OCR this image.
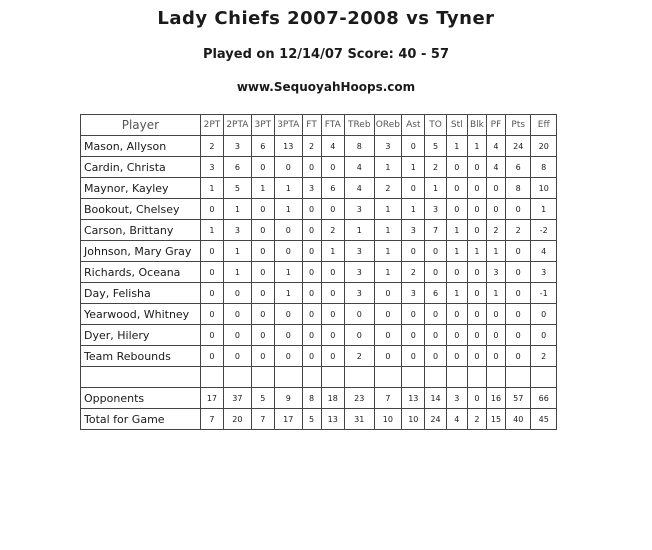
Lady Chiefs 2007-2008 vs Tyner
Played on 12/14/07 Score: 40 - 57
www.SequoyahHoops.com
Player	2PT	2PTA	3PT	3PTA	FT	FTA	TReb	OReb	Ast	TO	Stl	Blk	PF	Pts	Eff
Mason, Allyson	2	3	6	13	2	4	8	3	0	5	1	1	4	24	20
Cardin, Christa	3	6	0	0	0	0	4	1	1	2	0	0	4	6	8
Maynor, Kayley	1	5	1	1	3	6	4	2	0	1	0	0	0	8	10
Bookout, Chelsey	0	1	0	1	0	0	3	1	1	3	0	0	0	0	1
Carson, Brittany	1	3	0	0	0	2	1	1	3	7	1	0	2	2	-2
Johnson, Mary Gray	0	1	0	0	0	1	3	1	0	0	1	1	1	0	4
Richards, Oceana	0	1	0	1	0	0	3	1	2	0	0	0	3	0	3
Day, Felisha	0	0	0	1	0	0	3	0	3	6	1	0	1	0	-1
Yearwood, Whitney	0	0	0	0	0	0	0	0	0	0	0	0	0	0	0
Dyer, Hilery	0	0	0	0	0	0	0	0	0	0	0	0	0	0	0
Team Rebounds	0	0	0	0	0	0	2	0	0	0	0	0	0	0	2

Opponents	17	37	5	9	8	18	23	7	13	14	3	0	16	57	66
Total for Game	7	20	7	17	5	13	31	10	10	24	4	2	15	40	45
